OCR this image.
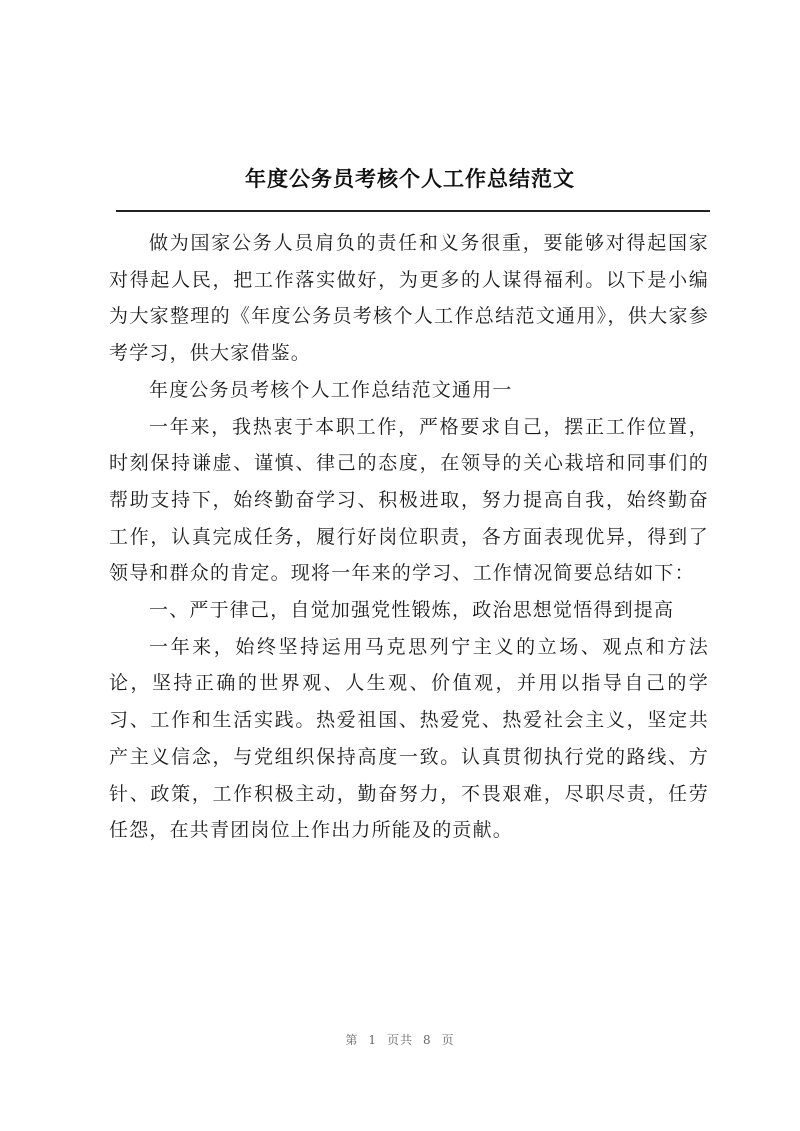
年度公务员考核个人工作总结范文

做为国家公务人员肩负的责任和义务很重，要能够对得起国家对得起人民，把工作落实做好，为更多的人谋得福利。以下是小编为大家整理的《年度公务员考核个人工作总结范文通用》，供大家参考学习，供大家借鉴。

年度公务员考核个人工作总结范文通用一

一年来，我热衷于本职工作，严格要求自己，摆正工作位置，时刻保持谦虚、谨慎、律己的态度，在领导的关心栽培和同事们的帮助支持下，始终勤奋学习、积极进取，努力提高自我，始终勤奋工作，认真完成任务，履行好岗位职责，各方面表现优异，得到了领导和群众的肯定。现将一年来的学习、工作情况简要总结如下：

一、严于律己，自觉加强党性锻炼，政治思想觉悟得到提高

一年来，始终坚持运用马克思列宁主义的立场、观点和方法论，坚持正确的世界观、人生观、价值观，并用以指导自己的学习、工作和生活实践。热爱祖国、热爱党、热爱社会主义，坚定共产主义信念，与党组织保持高度一致。认真贯彻执行党的路线、方针、政策，工作积极主动，勤奋努力，不畏艰难，尽职尽责，任劳任怨，在共青团岗位上作出力所能及的贡献。

第 1 页共 8 页
